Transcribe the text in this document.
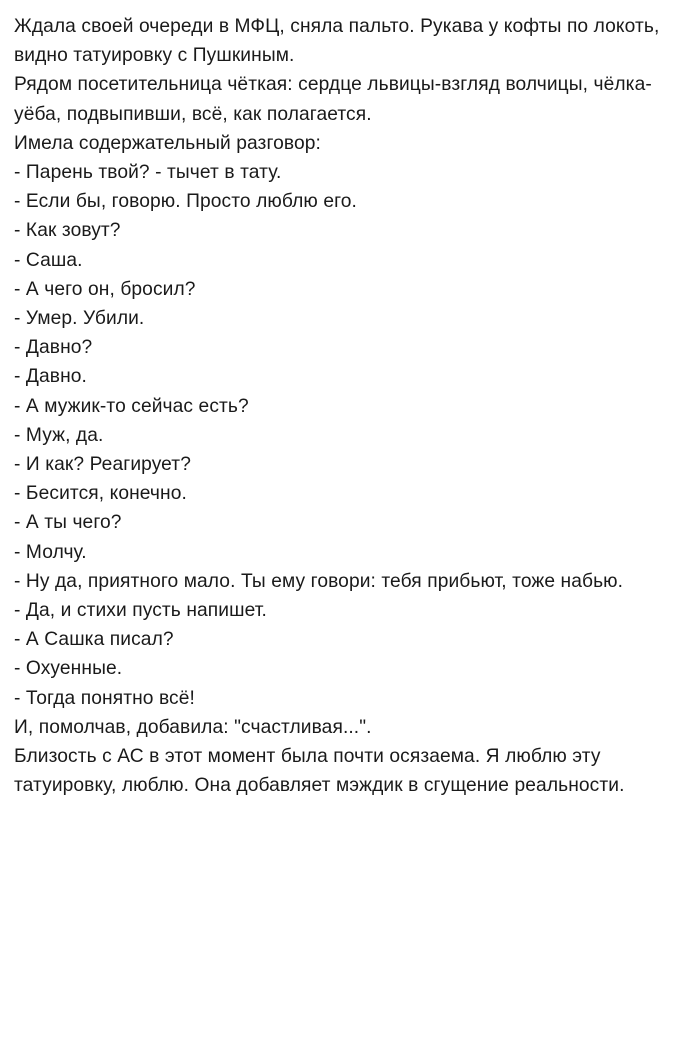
Ждала своей очереди в МФЦ, сняла пальто. Рукава у кофты по локоть, видно татуировку с Пушкиным.

Рядом посетительница чёткая: сердце львицы-взгляд волчицы, чёлка-уёба, подвыпивши, всё, как полагается.

Имела содержательный разговор:

- Парень твой? - тычет в тату.

- Если бы, говорю. Просто люблю его.

- Как зовут?

- Саша.

- А чего он, бросил?

- Умер. Убили.

- Давно?

- Давно.

- А мужик-то сейчас есть?

- Муж, да.

- И как? Реагирует?

- Бесится, конечно.

- А ты чего?

- Молчу.

- Ну да, приятного мало. Ты ему говори: тебя прибьют, тоже набью.

- Да, и стихи пусть напишет.

- А Сашка писал?

- Охуенные.

- Тогда понятно всё!

И, помолчав, добавила: "счастливая...".

Близость с АС в этот момент была почти осязаема. Я люблю эту татуировку, люблю. Она добавляет мэждик в сгущение реальности.
